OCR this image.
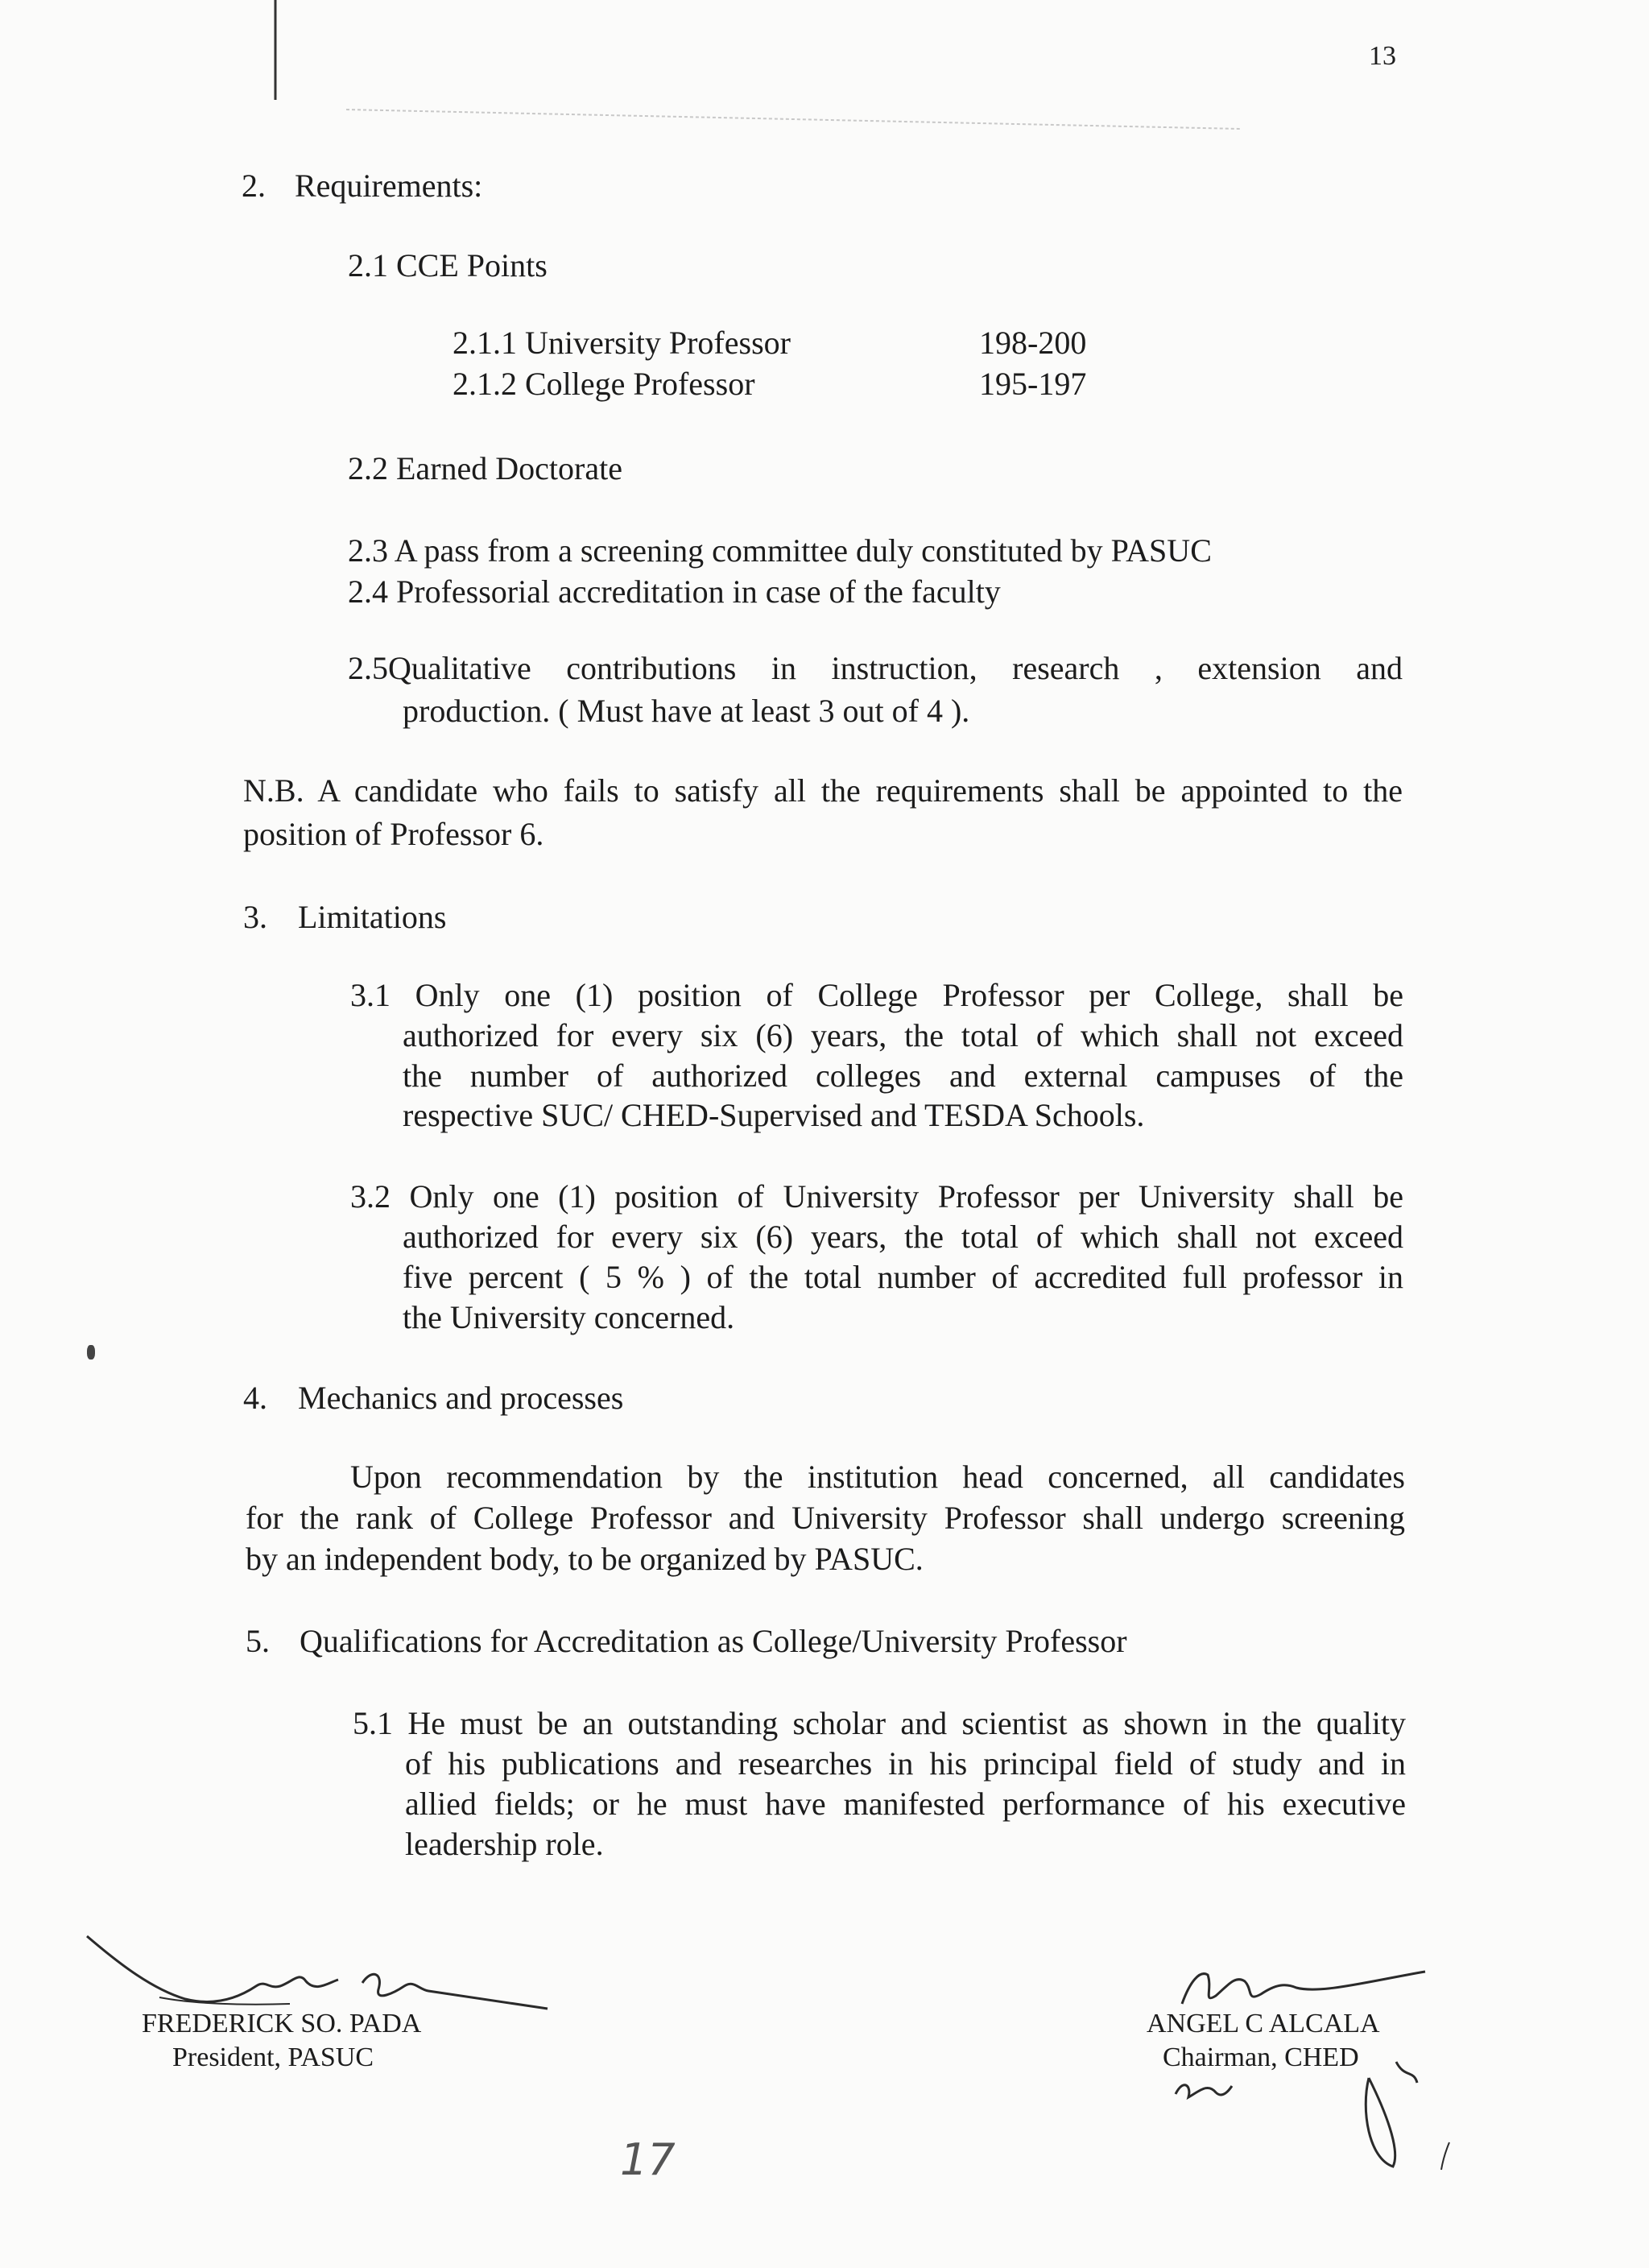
13
2. Requirements:
2.1 CCE Points
2.1.1 University Professor	198-200
2.1.2 College Professor	195-197
2.2 Earned Doctorate
2.3 A pass from a screening committee duly constituted by PASUC
2.4 Professorial accreditation in case of the faculty
2.5Qualitative contributions in instruction, research , extension and
production. ( Must have at least 3 out of 4 ).
N.B. A candidate who fails to satisfy all the requirements shall be appointed to the
position of Professor 6.
3. Limitations
3.1 Only one (1) position of College Professor per College, shall be
authorized for every six (6) years, the total of which shall not exceed
the number of authorized colleges and external campuses of the
respective SUC/ CHED-Supervised and TESDA Schools.
3.2 Only one (1) position of University Professor per University shall be
authorized for every six (6) years, the total of which shall not exceed
five percent ( 5 % ) of the total number of accredited full professor in
the University concerned.
4. Mechanics and processes
Upon recommendation by the institution head concerned, all candidates
for the rank of College Professor and University Professor shall undergo screening
by an independent body, to be organized by PASUC.
5. Qualifications for Accreditation as College/University Professor
5.1 He must be an outstanding scholar and scientist as shown in the quality
of his publications and researches in his principal field of study and in
allied fields; or he must have manifested performance of his executive
leadership role.
FREDERICK SO. PADA
President, PASUC
ANGEL C ALCALA
Chairman, CHED
17
